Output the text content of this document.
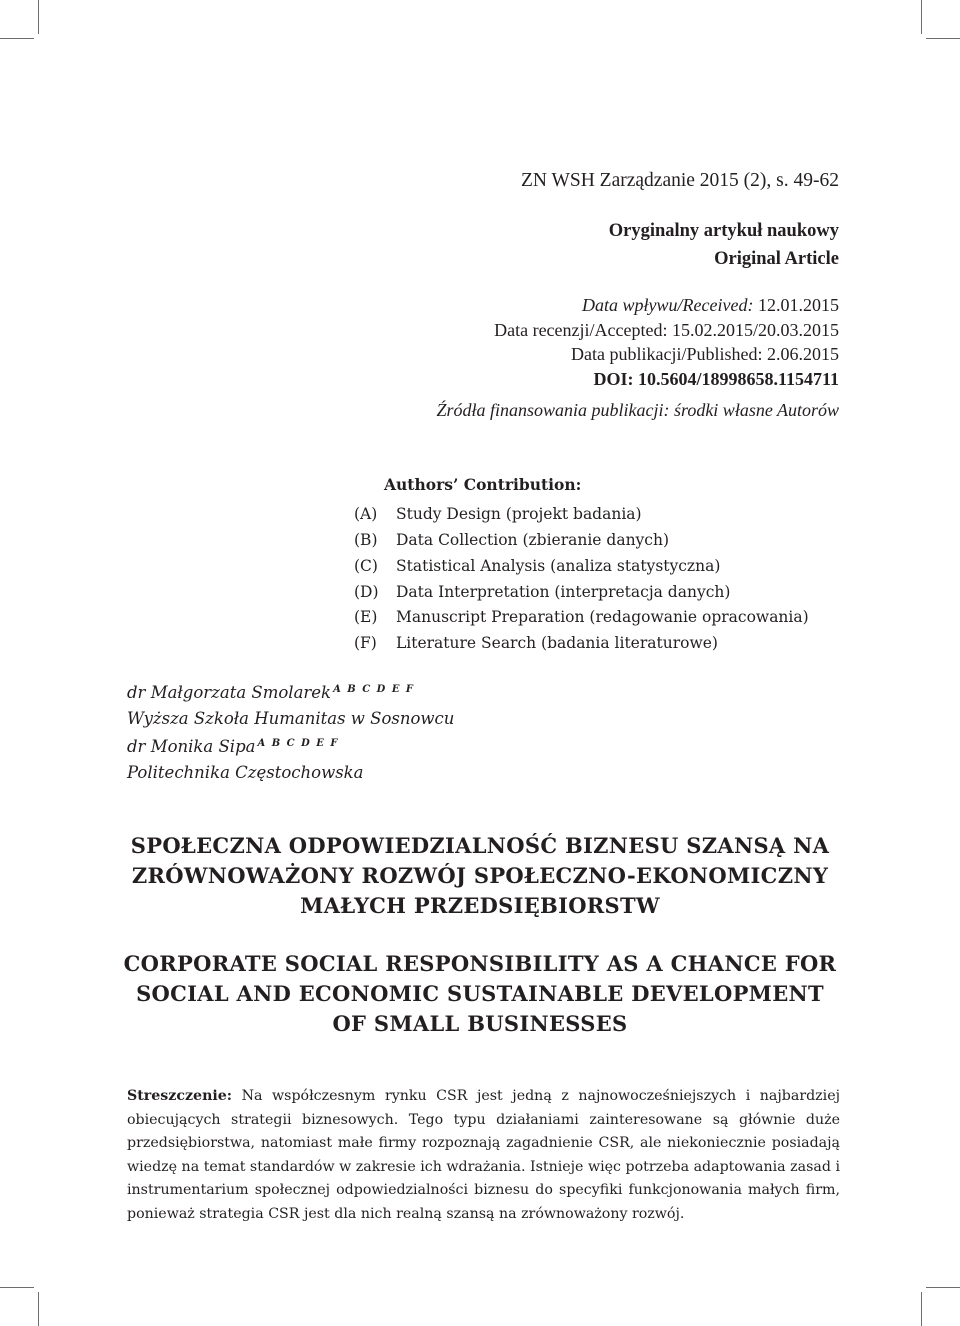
ZN WSH Zarządzanie 2015 (2), s. 49-62
Oryginalny artykuł naukowy
Original Article
Data wpływu/Received: 12.01.2015
Data recenzji/Accepted: 15.02.2015/20.03.2015
Data publikacji/Published: 2.06.2015
DOI: 10.5604/18998658.1154711
Źródła finansowania publikacji: środki własne Autorów
Authors’ Contribution:
(A) Study Design (projekt badania)
(B) Data Collection (zbieranie danych)
(C) Statistical Analysis (analiza statystyczna)
(D) Data Interpretation (interpretacja danych)
(E) Manuscript Preparation (redagowanie opracowania)
(F) Literature Search (badania literaturowe)
dr Małgorzata Smolarek $^{A B C D E F}$
Wyższa Szkoła Humanitas w Sosnowcu
dr Monika Sipa $^{A B C D E F}$
Politechnika Częstochowska
SPOŁECZNA ODPOWIEDZIALNOŚĆ BIZNESU SZANSĄ NA
ZRÓWNOWAŻONY ROZWÓJ SPOŁECZNO-EKONOMICZNY
MAŁYCH PRZEDSIĘBIORSTW
CORPORATE SOCIAL RESPONSIBILITY AS A CHANCE FOR
SOCIAL AND ECONOMIC SUSTAINABLE DEVELOPMENT
OF SMALL BUSINESSES

Streszczenie: Na współczesnym rynku CSR jest jedną z najnowocześniejszych i najbardziej obiecujących strategii biznesowych. Tego typu działaniami zainteresowane są głównie duże przedsiębiorstwa, natomiast małe firmy rozpoznają zagadnienie CSR, ale niekoniecznie posiadają wiedzę na temat standardów w zakresie ich wdrażania. Istnieje więc potrzeba adaptowania zasad i instrumentarium społecznej odpowiedzialności biznesu do specyfiki funkcjonowania małych firm, ponieważ strategia CSR jest dla nich realną szansą na zrównoważony rozwój.
